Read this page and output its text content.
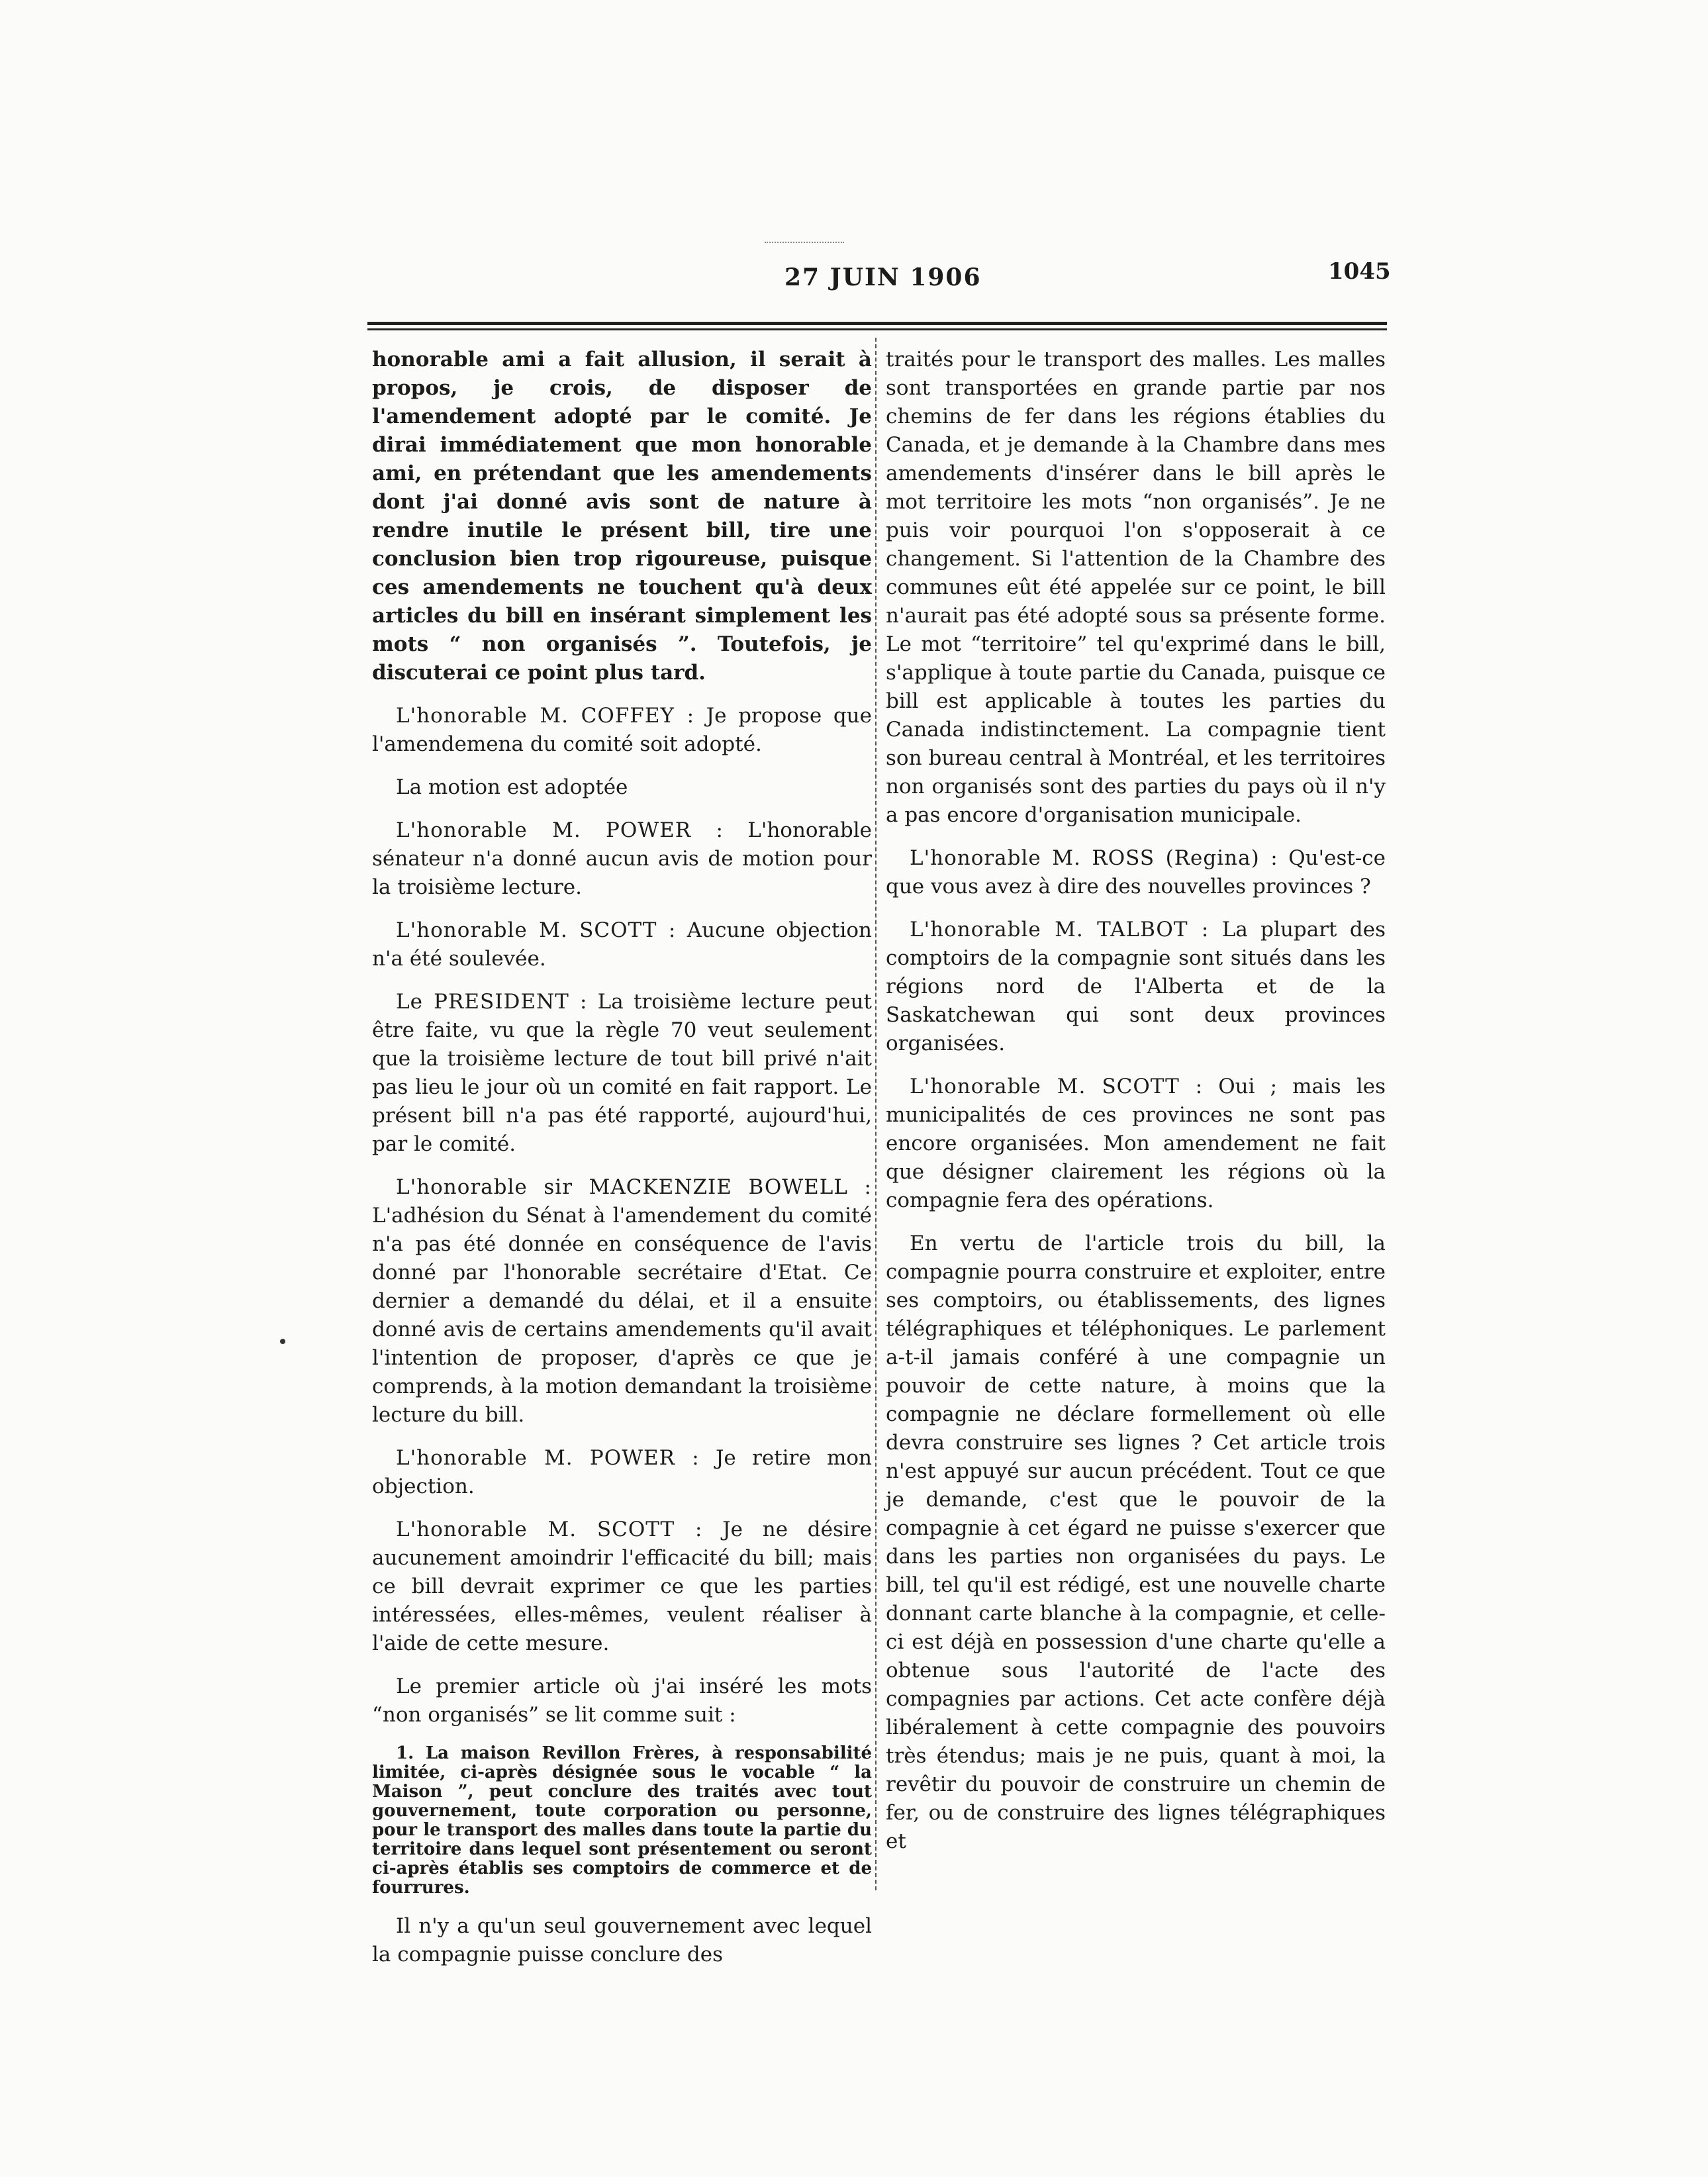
27 JUIN 1906	1045

honorable ami a fait allusion, il serait à propos, je crois, de disposer de l'amendement adopté par le comité. Je dirai immédiatement que mon honorable ami, en prétendant que les amendements dont j'ai donné avis sont de nature à rendre inutile le présent bill, tire une conclusion bien trop rigoureuse, puisque ces amendements ne touchent qu'à deux articles du bill en insérant simplement les mots “ non organisés ”. Toutefois, je discuterai ce point plus tard.

L'honorable M. COFFEY : Je propose que l'amendemena du comité soit adopté.

La motion est adoptée

L'honorable M. POWER : L'honorable sénateur n'a donné aucun avis de motion pour la troisième lecture.

L'honorable M. SCOTT : Aucune objection n'a été soulevée.

Le PRESIDENT : La troisième lecture peut être faite, vu que la règle 70 veut seulement que la troisième lecture de tout bill privé n'ait pas lieu le jour où un comité en fait rapport. Le présent bill n'a pas été rapporté, aujourd'hui, par le comité.

L'honorable sir MACKENZIE BOWELL : L'adhésion du Sénat à l'amendement du comité n'a pas été donnée en conséquence de l'avis donné par l'honorable secrétaire d'Etat. Ce dernier a demandé du délai, et il a ensuite donné avis de certains amendements qu'il avait l'intention de proposer, d'après ce que je comprends, à la motion demandant la troisième lecture du bill.

L'honorable M. POWER : Je retire mon objection.

L'honorable M. SCOTT : Je ne désire aucunement amoindrir l'efficacité du bill; mais ce bill devrait exprimer ce que les parties intéressées, elles-mêmes, veulent réaliser à l'aide de cette mesure.

Le premier article où j'ai inséré les mots “non organisés” se lit comme suit :

1. La maison Revillon Frères, à responsabilité limitée, ci-après désignée sous le vocable “ la Maison ”, peut conclure des traités avec tout gouvernement, toute corporation ou personne, pour le transport des malles dans toute la partie du territoire dans lequel sont présentement ou seront ci-après établis ses comptoirs de commerce et de fourrures.

Il n'y a qu'un seul gouvernement avec lequel la compagnie puisse conclure des

traités pour le transport des malles. Les malles sont transportées en grande partie par nos chemins de fer dans les régions établies du Canada, et je demande à la Chambre dans mes amendements d'insérer dans le bill après le mot territoire les mots “non organisés”. Je ne puis voir pourquoi l'on s'opposerait à ce changement. Si l'attention de la Chambre des communes eût été appelée sur ce point, le bill n'aurait pas été adopté sous sa présente forme. Le mot “territoire” tel qu'exprimé dans le bill, s'applique à toute partie du Canada, puisque ce bill est applicable à toutes les parties du Canada indistinctement. La compagnie tient son bureau central à Montréal, et les territoires non organisés sont des parties du pays où il n'y a pas encore d'organisation municipale.

L'honorable M. ROSS (Regina) : Qu'est-ce que vous avez à dire des nouvelles provinces ?

L'honorable M. TALBOT : La plupart des comptoirs de la compagnie sont situés dans les régions nord de l'Alberta et de la Saskatchewan qui sont deux provinces organisées.

L'honorable M. SCOTT : Oui ; mais les municipalités de ces provinces ne sont pas encore organisées. Mon amendement ne fait que désigner clairement les régions où la compagnie fera des opérations.

En vertu de l'article trois du bill, la compagnie pourra construire et exploiter, entre ses comptoirs, ou établissements, des lignes télégraphiques et téléphoniques. Le parlement a-t-il jamais conféré à une compagnie un pouvoir de cette nature, à moins que la compagnie ne déclare formellement où elle devra construire ses lignes ? Cet article trois n'est appuyé sur aucun précédent. Tout ce que je demande, c'est que le pouvoir de la compagnie à cet égard ne puisse s'exercer que dans les parties non organisées du pays. Le bill, tel qu'il est rédigé, est une nouvelle charte donnant carte blanche à la compagnie, et celle-ci est déjà en possession d'une charte qu'elle a obtenue sous l'autorité de l'acte des compagnies par actions. Cet acte confère déjà libéralement à cette compagnie des pouvoirs très étendus; mais je ne puis, quant à moi, la revêtir du pouvoir de construire un chemin de fer, ou de construire des lignes télégraphiques et
